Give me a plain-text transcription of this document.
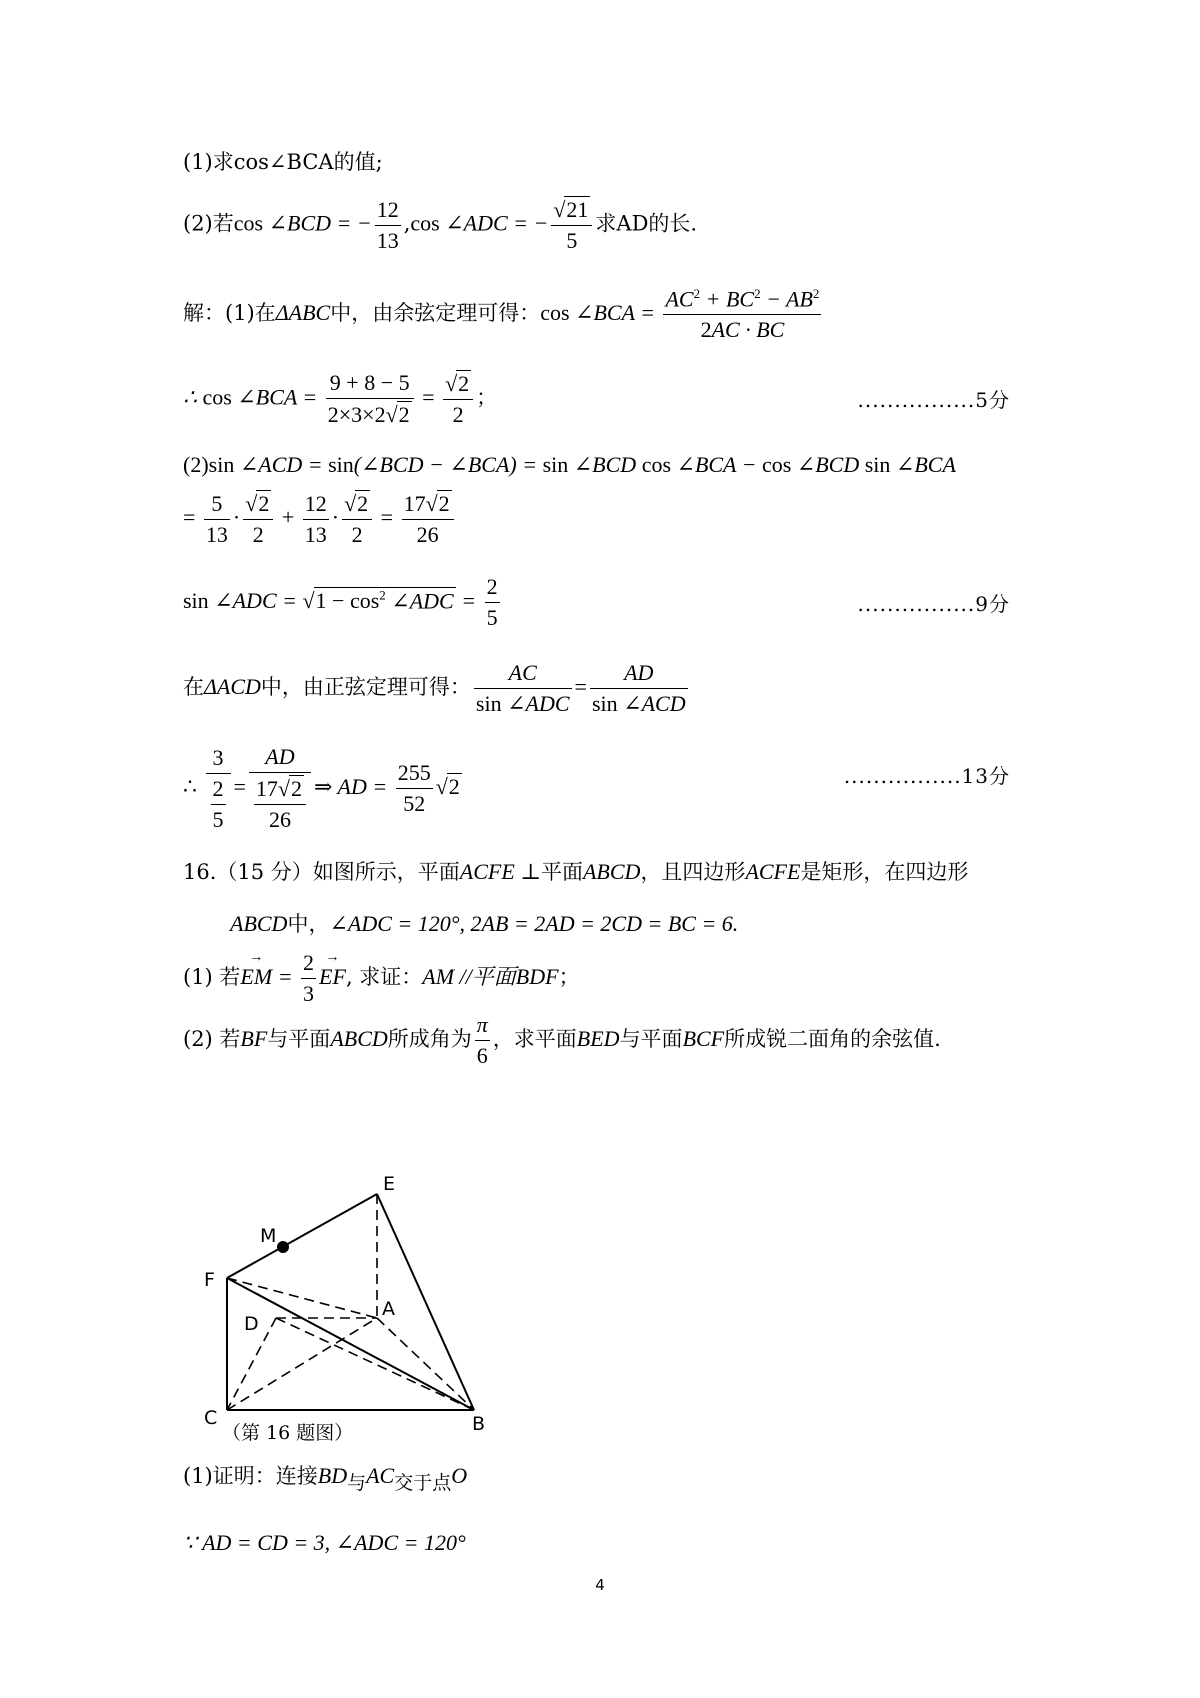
(1)求cos∠BCA的值;
(2)若cos ∠BCD = − $\frac{12}{13} ,\cos$ ∠ADC = − $\frac{√21}{5}$ 求AD的长.
解：(1)在ΔABC中，由余弦定理可得：cos ∠BCA = $\frac{AC^2 + BC^2 - AB^2}{2AC \cdot BC}$
∴ cos ∠BCA = $\frac{9 + 8 - 5}{2\times 3\times 2√2} = \frac{√2}{2}$ ；	................5分
(2)sin ∠ACD = sin(∠BCD − ∠BCA) = sin ∠BCD cos ∠BCA − cos ∠BCD sin ∠BCA
= $\frac{5}{13} \cdot \frac{√2}{2} + \frac{12}{13} \cdot \frac{√2}{2} = \frac{17√2}{26}$
sin ∠ADC = $√1 - \cos^2$ ∠ADC = $\frac{2}{5}$	................9分
在ΔACD中，由正弦定理可得： $\frac{AC}{\text{sin ∠ADC}} = \frac{AD}{\text{sin ∠ACD}}$
∴ $\frac{3}{\frac{2}{5}} = \frac{AD}{\frac{17√2}{26}}$ ⇒ AD = $\frac{255}{52} √2$	................13分
16.（15 分）如图所示，平面ACFE ⊥平面ABCD，且四边形ACFE是矩形，在四边形
ABCD中，∠ADC = 120°, 2AB = 2AD = 2CD = BC = 6.
(1) 若→ EM = $\frac{2}{3}$
→ EF, 求证：AM //平面BDF；
(2) 若BF与平面ABCD所成角为 $\frac{\pi}{6}$ ，求平面BED与平面BCF所成锐二面角的余弦值.
E
M
F
D
A
C	B
（第 16 题图）
(1)证明：连接BD与AC交于点O
∵ AD = CD = 3, ∠ADC = 120°
4
